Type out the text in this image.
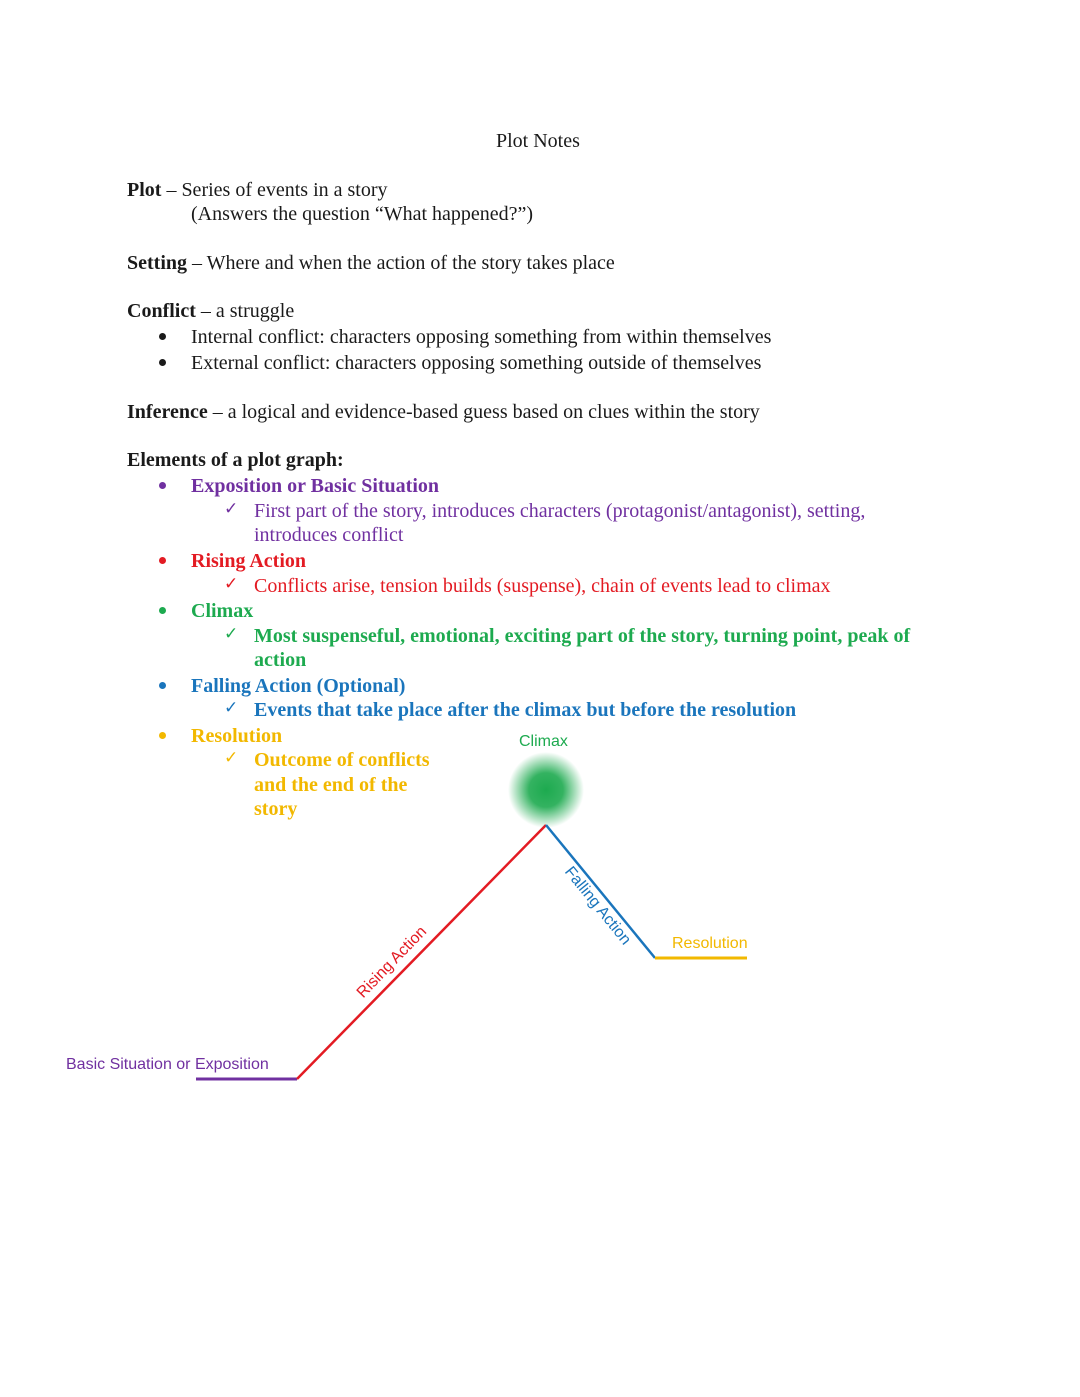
Plot Notes
Plot – Series of events in a story
(Answers the question “What happened?”)
Setting – Where and when the action of the story takes place
Conflict – a struggle
Internal conflict: characters opposing something from within themselves
External conflict: characters opposing something outside of themselves
Inference – a logical and evidence-based guess based on clues within the story
Elements of a plot graph:
Exposition or Basic Situation
✓ First part of the story, introduces characters (protagonist/antagonist), setting,
introduces conflict
Rising Action
✓ Conflicts arise, tension builds (suspense), chain of events lead to climax
Climax
✓ Most suspenseful, emotional, exciting part of the story, turning point, peak of
action
Falling Action (Optional)
✓ Events that take place after the climax but before the resolution
Resolution
✓ Outcome of conflicts
and the end of the
story
Climax
Falling Action Resolution
Rising Action
Basic Situation or Exposition
